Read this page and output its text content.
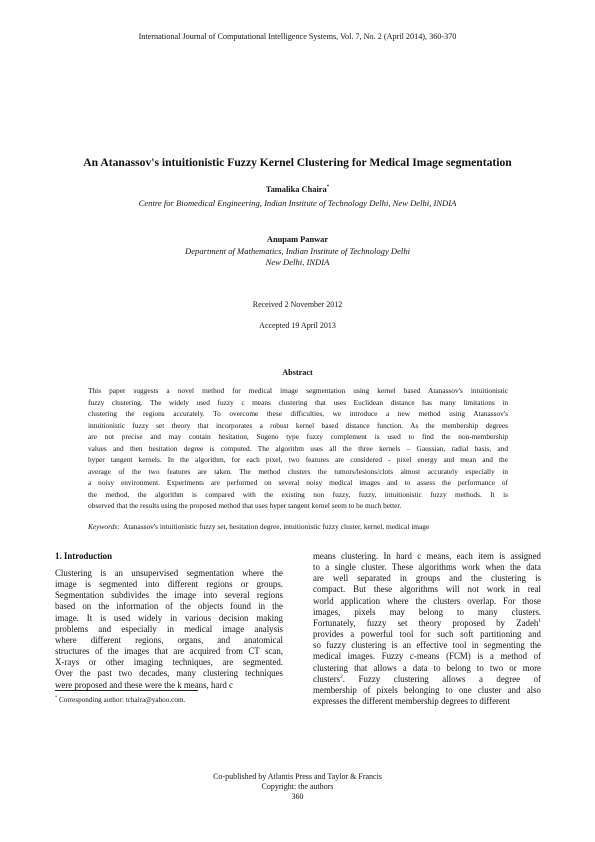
International Journal of Computational Intelligence Systems, Vol. 7, No. 2 (April 2014), 360-370
An Atanassov's intuitionistic Fuzzy Kernel Clustering for Medical Image segmentation
Tamalika Chaira*
Centre for Biomedical Engineering, Indian Institute of Technology Delhi, New Delhi, INDIA
Anupam Panwar
Department of Mathematics, Indian Institute of Technology Delhi
New Delhi, INDIA
Received 2 November 2012
Accepted 19 April 2013
Abstract
This paper suggests a novel method for medical image segmentation using kernel based Atanassov's intuitionistic
fuzzy clustering. The widely used fuzzy c means clustering that uses Euclidean distance has many limitations in
clustering the regions accurately. To overcome these difficulties, we introduce a new method using Atanassov's
intuitionistic fuzzy set theory that incorporates a robust kernel based distance function. As the membership degrees
are not precise and may contain hesitation, Sugeno type fuzzy complement is used to find the non-membership
values and then hesitation degree is computed. The algorithm uses all the three kernels – Gaussian, radial basis, and
hyper tangent kernels. In the algorithm, for each pixel, two features are considered - pixel energy and mean and the
average of the two features are taken. The method clusters the tumors/lesions/clots almost accurately especially in
a noisy environment. Experiments are performed on several noisy medical images and to assess the performance of
the method, the algorithm is compared with the existing non fuzzy, fuzzy, intuitionistic fuzzy methods. It is
observed that the results using the proposed method that uses hyper tangent kernel seem to be much better.
Keywords: Atanassov's intuitionistic fuzzy set, hesitation degree, intuitionistic fuzzy cluster, kernel, medical image
1. Introduction
Clustering is an unsupervised segmentation where the
image is segmented into different regions or groups.
Segmentation subdivides the image into several regions
based on the information of the objects found in the
image. It is used widely in various decision making
problems and especially in medical image analysis
where different regions, organs, and anatomical
structures of the images that are acquired from CT scan,
X-rays or other imaging techniques, are segmented.
Over the past two decades, many clustering techniques
were proposed and these were the k means, hard c
means clustering. In hard c means, each item is assigned
to a single cluster. These algorithms work when the data
are well separated in groups and the clustering is
compact. But these algorithms will not work in real
world application where the clusters overlap. For those
images, pixels may belong to many clusters.
Fortunately, fuzzy set theory proposed by Zadeh$^1$
provides a powerful tool for such soft partitioning and
so fuzzy clustering is an effective tool in segmenting the
medical images. Fuzzy c-means (FCM) is a method of
clustering that allows a data to belong to two or more
clusters$^2$. Fuzzy clustering allows a degree of
membership of pixels belonging to one cluster and also
expresses the different membership degrees to different
* Corresponding author: tchaira@yahoo.com.
Co-published by Atlantis Press and Taylor & Francis
Copyright: the authors
360
